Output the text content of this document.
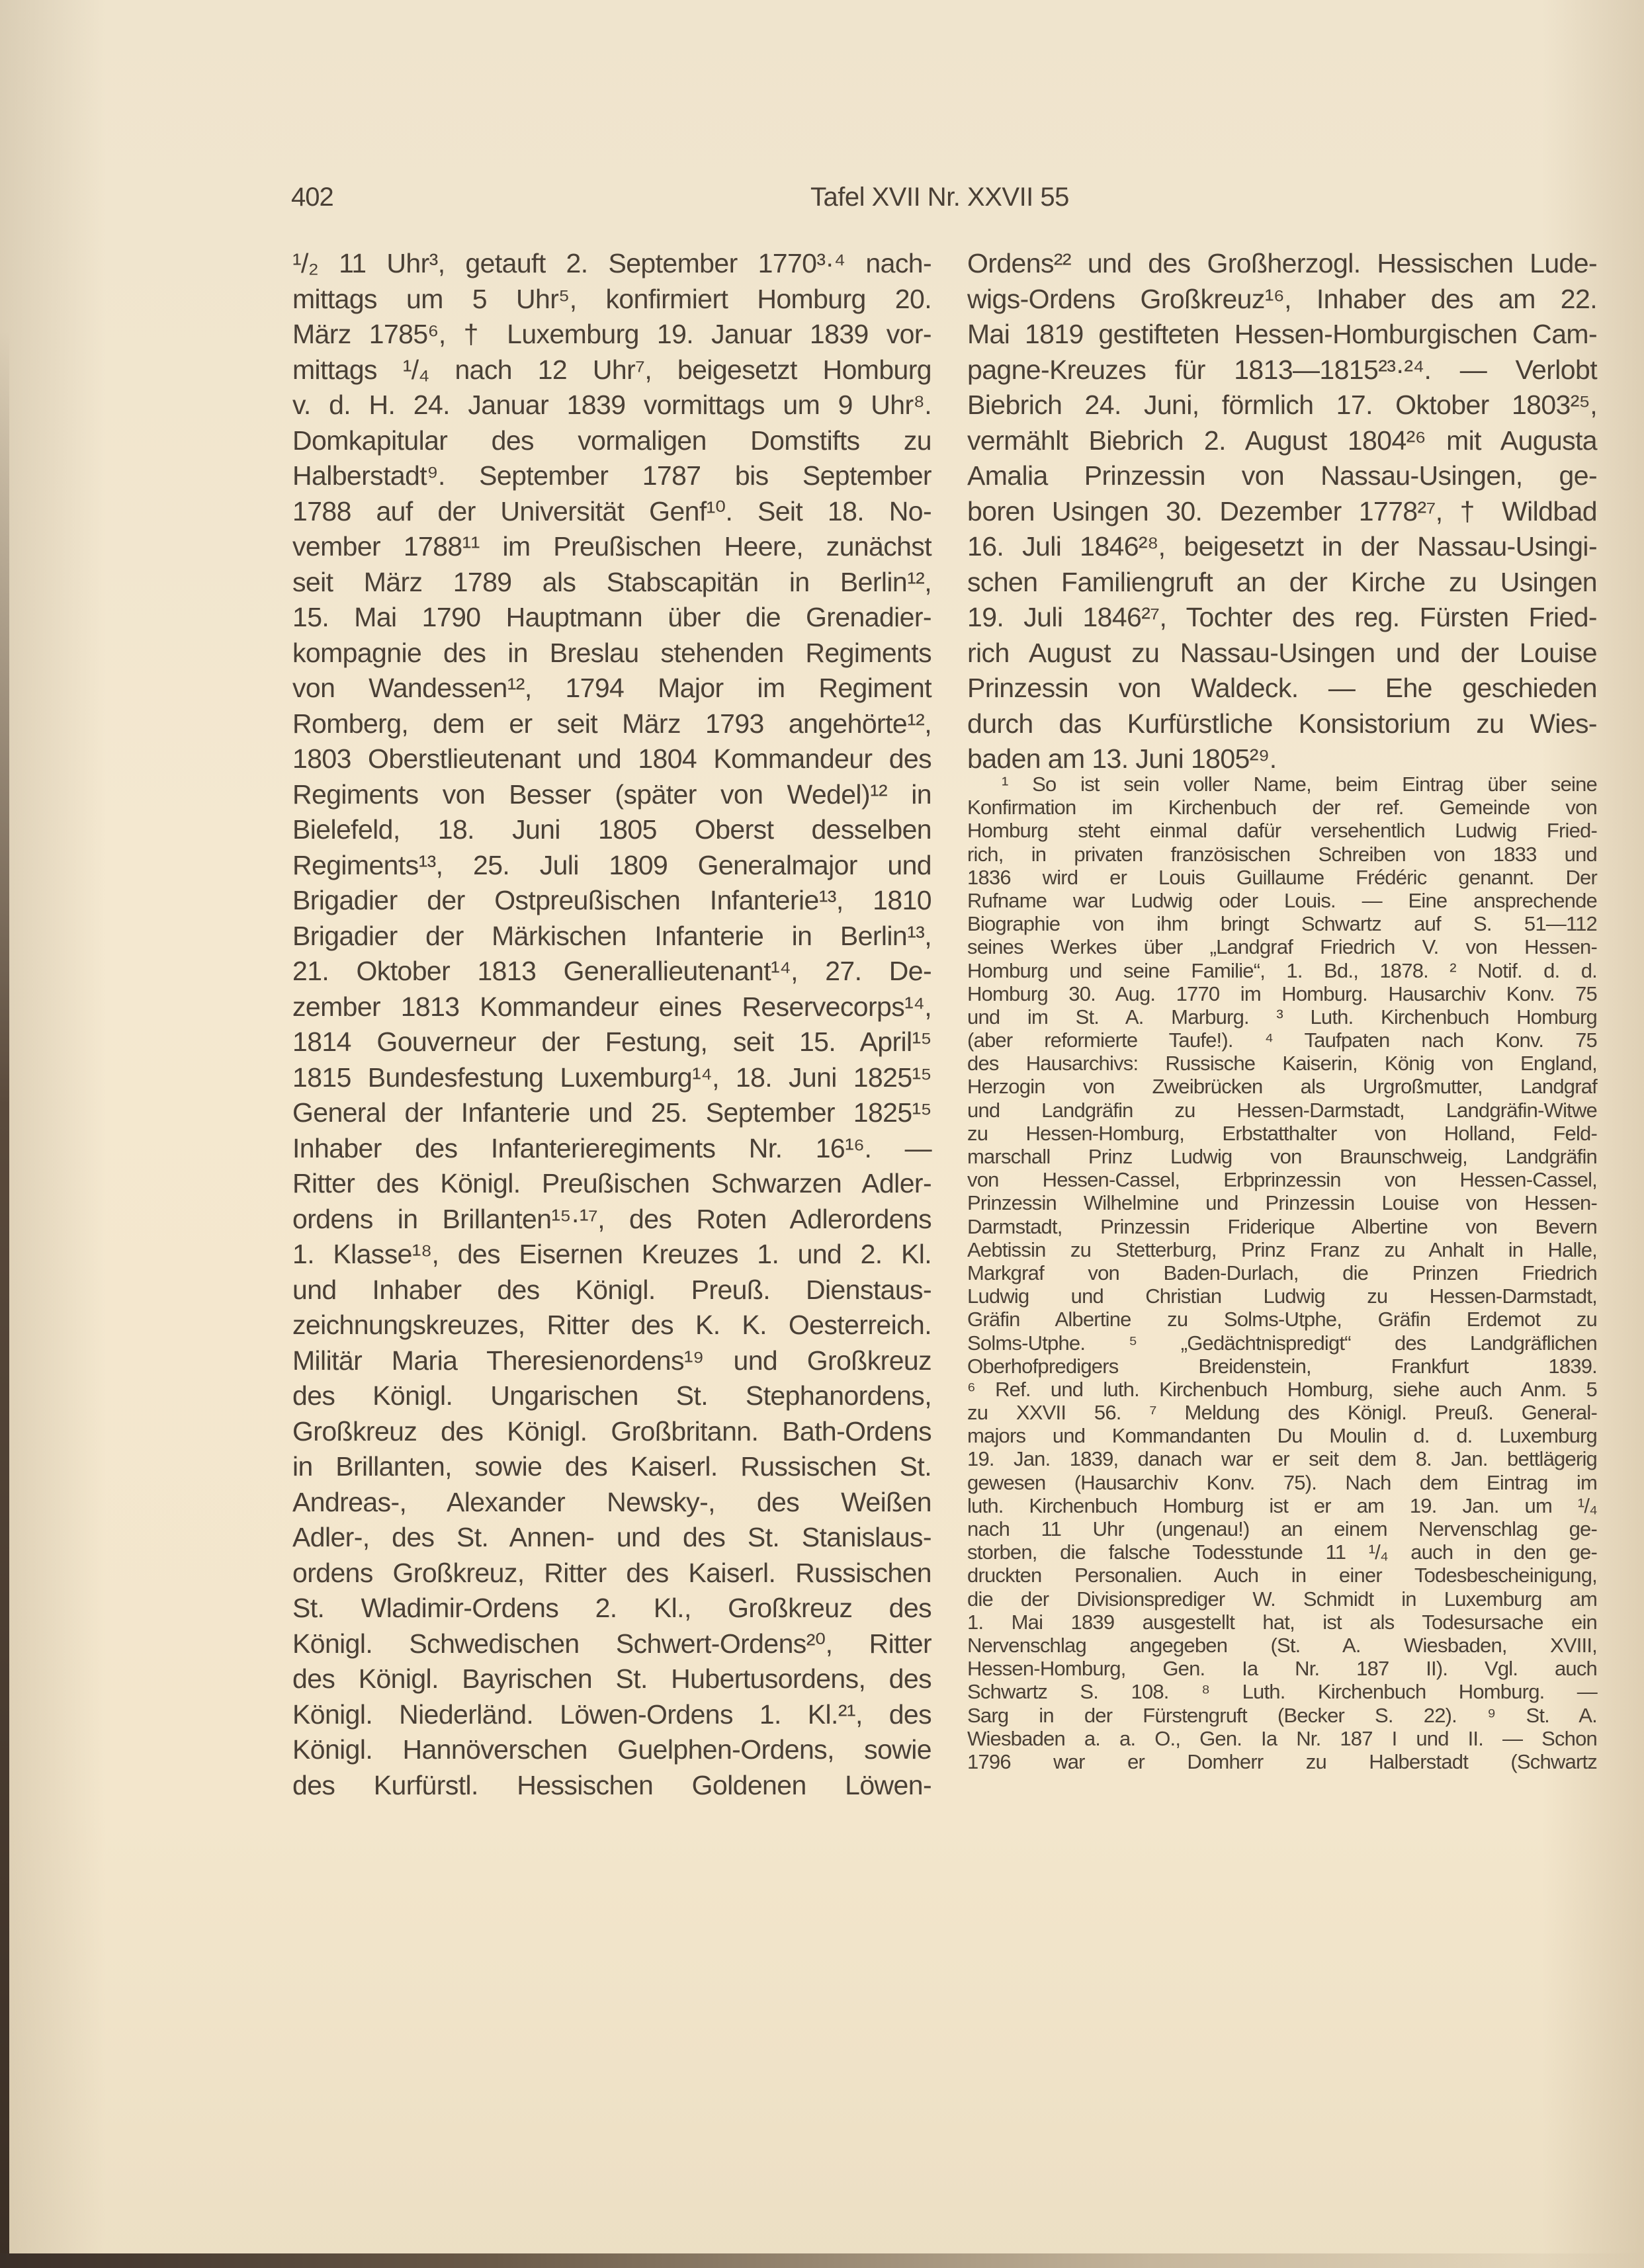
402	Tafel XVII Nr. XXVII 55
¹/₂ 11 Uhr³, getauft 2. September 1770³·⁴ nach-
mittags um 5 Uhr⁵, konfirmiert Homburg 20.
März 1785⁶, † Luxemburg 19. Januar 1839 vor-
mittags ¹/₄ nach 12 Uhr⁷, beigesetzt Homburg
v. d. H. 24. Januar 1839 vormittags um 9 Uhr⁸.
Domkapitular des vormaligen Domstifts zu
Halberstadt⁹. September 1787 bis September
1788 auf der Universität Genf¹⁰. Seit 18. No-
vember 1788¹¹ im Preußischen Heere, zunächst
seit März 1789 als Stabscapitän in Berlin¹²,
15. Mai 1790 Hauptmann über die Grenadier-
kompagnie des in Breslau stehenden Regiments
von Wandessen¹², 1794 Major im Regiment
Romberg, dem er seit März 1793 angehörte¹²,
1803 Oberstlieutenant und 1804 Kommandeur des
Regiments von Besser (später von Wedel)¹² in
Bielefeld, 18. Juni 1805 Oberst desselben
Regiments¹³, 25. Juli 1809 Generalmajor und
Brigadier der Ostpreußischen Infanterie¹³, 1810
Brigadier der Märkischen Infanterie in Berlin¹³,
21. Oktober 1813 Generallieutenant¹⁴, 27. De-
zember 1813 Kommandeur eines Reservecorps¹⁴,
1814 Gouverneur der Festung, seit 15. April¹⁵
1815 Bundesfestung Luxemburg¹⁴, 18. Juni 1825¹⁵
General der Infanterie und 25. September 1825¹⁵
Inhaber des Infanterieregiments Nr. 16¹⁶. —
Ritter des Königl. Preußischen Schwarzen Adler-
ordens in Brillanten¹⁵·¹⁷, des Roten Adlerordens
1. Klasse¹⁸, des Eisernen Kreuzes 1. und 2. Kl.
und Inhaber des Königl. Preuß. Dienstaus-
zeichnungskreuzes, Ritter des K. K. Oesterreich.
Militär Maria Theresienordens¹⁹ und Großkreuz
des Königl. Ungarischen St. Stephanordens,
Großkreuz des Königl. Großbritann. Bath-Ordens
in Brillanten, sowie des Kaiserl. Russischen St.
Andreas-, Alexander Newsky-, des Weißen
Adler-, des St. Annen- und des St. Stanislaus-
ordens Großkreuz, Ritter des Kaiserl. Russischen
St. Wladimir-Ordens 2. Kl., Großkreuz des
Königl. Schwedischen Schwert-Ordens²⁰, Ritter
des Königl. Bayrischen St. Hubertusordens, des
Königl. Niederländ. Löwen-Ordens 1. Kl.²¹, des
Königl. Hannöverschen Guelphen-Ordens, sowie
des Kurfürstl. Hessischen Goldenen Löwen-
Ordens²² und des Großherzogl. Hessischen Lude-
wigs-Ordens Großkreuz¹⁶, Inhaber des am 22.
Mai 1819 gestifteten Hessen-Homburgischen Cam-
pagne-Kreuzes für 1813—1815²³·²⁴. — Verlobt
Biebrich 24. Juni, förmlich 17. Oktober 1803²⁵,
vermählt Biebrich 2. August 1804²⁶ mit Augusta
Amalia Prinzessin von Nassau-Usingen, ge-
boren Usingen 30. Dezember 1778²⁷, † Wildbad
16. Juli 1846²⁸, beigesetzt in der Nassau-Usingi-
schen Familiengruft an der Kirche zu Usingen
19. Juli 1846²⁷, Tochter des reg. Fürsten Fried-
rich August zu Nassau-Usingen und der Louise
Prinzessin von Waldeck. — Ehe geschieden
durch das Kurfürstliche Konsistorium zu Wies-
baden am 13. Juni 1805²⁹.
¹ So ist sein voller Name, beim Eintrag über seine
Konfirmation im Kirchenbuch der ref. Gemeinde von
Homburg steht einmal dafür versehentlich Ludwig Fried-
rich, in privaten französischen Schreiben von 1833 und
1836 wird er Louis Guillaume Frédéric genannt. Der
Rufname war Ludwig oder Louis. — Eine ansprechende
Biographie von ihm bringt Schwartz auf S. 51—112
seines Werkes über „Landgraf Friedrich V. von Hessen-
Homburg und seine Familie“, 1. Bd., 1878. ² Notif. d. d.
Homburg 30. Aug. 1770 im Homburg. Hausarchiv Konv. 75
und im St. A. Marburg. ³ Luth. Kirchenbuch Homburg
(aber reformierte Taufe!). ⁴ Taufpaten nach Konv. 75
des Hausarchivs: Russische Kaiserin, König von England,
Herzogin von Zweibrücken als Urgroßmutter, Landgraf
und Landgräfin zu Hessen-Darmstadt, Landgräfin-Witwe
zu Hessen-Homburg, Erbstatthalter von Holland, Feld-
marschall Prinz Ludwig von Braunschweig, Landgräfin
von Hessen-Cassel, Erbprinzessin von Hessen-Cassel,
Prinzessin Wilhelmine und Prinzessin Louise von Hessen-
Darmstadt, Prinzessin Friderique Albertine von Bevern
Aebtissin zu Stetterburg, Prinz Franz zu Anhalt in Halle,
Markgraf von Baden-Durlach, die Prinzen Friedrich
Ludwig und Christian Ludwig zu Hessen-Darmstadt,
Gräfin Albertine zu Solms-Utphe, Gräfin Erdemot zu
Solms-Utphe. ⁵ „Gedächtnispredigt“ des Landgräflichen
Oberhofpredigers Breidenstein, Frankfurt 1839.
⁶ Ref. und luth. Kirchenbuch Homburg, siehe auch Anm. 5
zu XXVII 56. ⁷ Meldung des Königl. Preuß. General-
majors und Kommandanten Du Moulin d. d. Luxemburg
19. Jan. 1839, danach war er seit dem 8. Jan. bettlägerig
gewesen (Hausarchiv Konv. 75). Nach dem Eintrag im
luth. Kirchenbuch Homburg ist er am 19. Jan. um ¹/₄
nach 11 Uhr (ungenau!) an einem Nervenschlag ge-
storben, die falsche Todesstunde 11 ¹/₄ auch in den ge-
druckten Personalien. Auch in einer Todesbescheinigung,
die der Divisionsprediger W. Schmidt in Luxemburg am
1. Mai 1839 ausgestellt hat, ist als Todesursache ein
Nervenschlag angegeben (St. A. Wiesbaden, XVIII,
Hessen-Homburg, Gen. Ia Nr. 187 II). Vgl. auch
Schwartz S. 108. ⁸ Luth. Kirchenbuch Homburg. —
Sarg in der Fürstengruft (Becker S. 22). ⁹ St. A.
Wiesbaden a. a. O., Gen. Ia Nr. 187 I und II. — Schon
1796 war er Domherr zu Halberstadt (Schwartz
